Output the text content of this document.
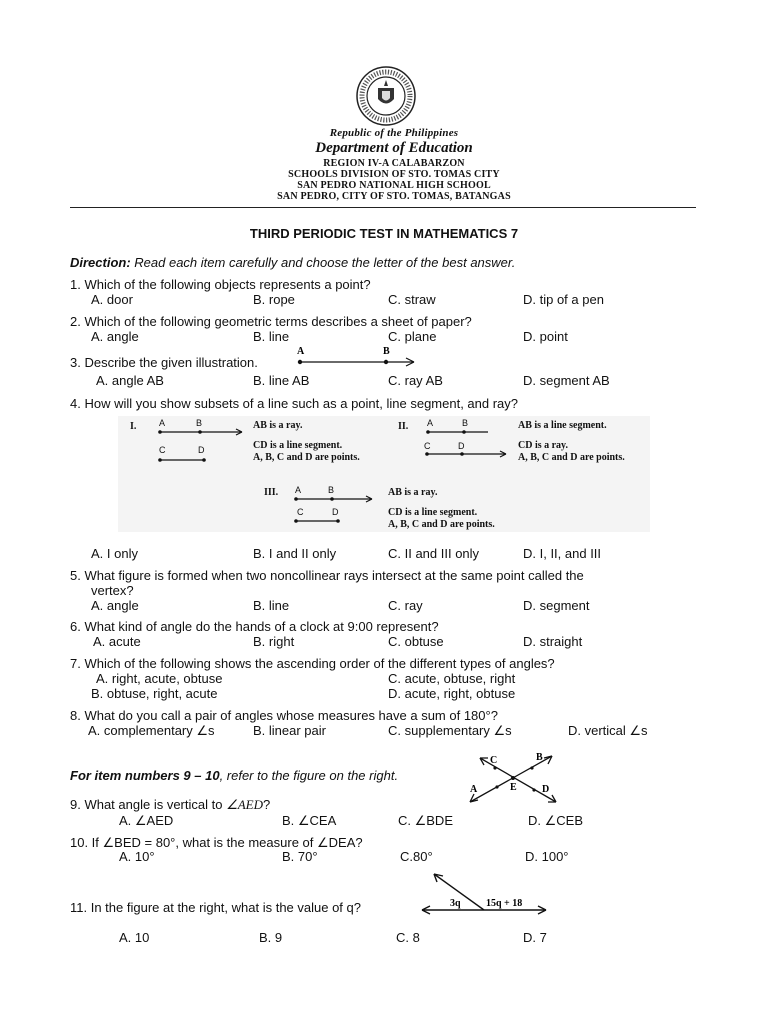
Republic of the Philippines
Department of Education
REGION IV-A CALABARZON
SCHOOLS DIVISION OF STO. TOMAS CITY
SAN PEDRO NATIONAL HIGH SCHOOL
SAN PEDRO, CITY OF STO. TOMAS, BATANGAS
THIRD PERIODIC TEST IN MATHEMATICS 7
Direction: Read each item carefully and choose the letter of the best answer.
1. Which of the following objects represents a point?
A. door	B. rope	C. straw	D. tip of a pen
2. Which of the following geometric terms describes a sheet of paper?
A. angle	B. line	C. plane	D. point
3. Describe the given illustration.
A	B
A. angle AB	B. line AB	C. ray AB	D. segment AB
4. How will you show subsets of a line such as a point, line segment, and ray?
I.	A	B
C	D
AB is a ray.
CD is a line segment.
A, B, C and D are points.
II. A	B
C	D
AB is a line segment.
CD is a ray.
A, B, C and D are points.
III. A	B
C	D
AB is a ray.
CD is a line segment.
A, B, C and D are points.
A. I only	B. I and II only	C. II and III only	D. I, II, and III
5. What figure is formed when two noncollinear rays intersect at the same point called the
vertex?
A. angle	B. line	C. ray	D. segment
6. What kind of angle do the hands of a clock at 9:00 represent?
A. acute	B. right	C. obtuse	D. straight
7. Which of the following shows the ascending order of the different types of angles?
A. right, acute, obtuse	C. acute, obtuse, right
B. obtuse, right, acute	D. acute, right, obtuse
8. What do you call a pair of angles whose measures have a sum of 180°?
A. complementary ∠s	B. linear pair	C. supplementary ∠s	D. vertical ∠s
For item numbers 9 – 10, refer to the figure on the right.
A
B
C
D
E
9. What angle is vertical to ∠AED?
A. ∠AED	B. ∠CEA	C. ∠BDE	D. ∠CEB
10. If ∠BED = 80°, what is the measure of ∠DEA?
A. 10°	B. 70°	C.80°	D. 100°
3q	15q + 18
11. In the figure at the right, what is the value of q?
A. 10	B. 9	C. 8	D. 7
